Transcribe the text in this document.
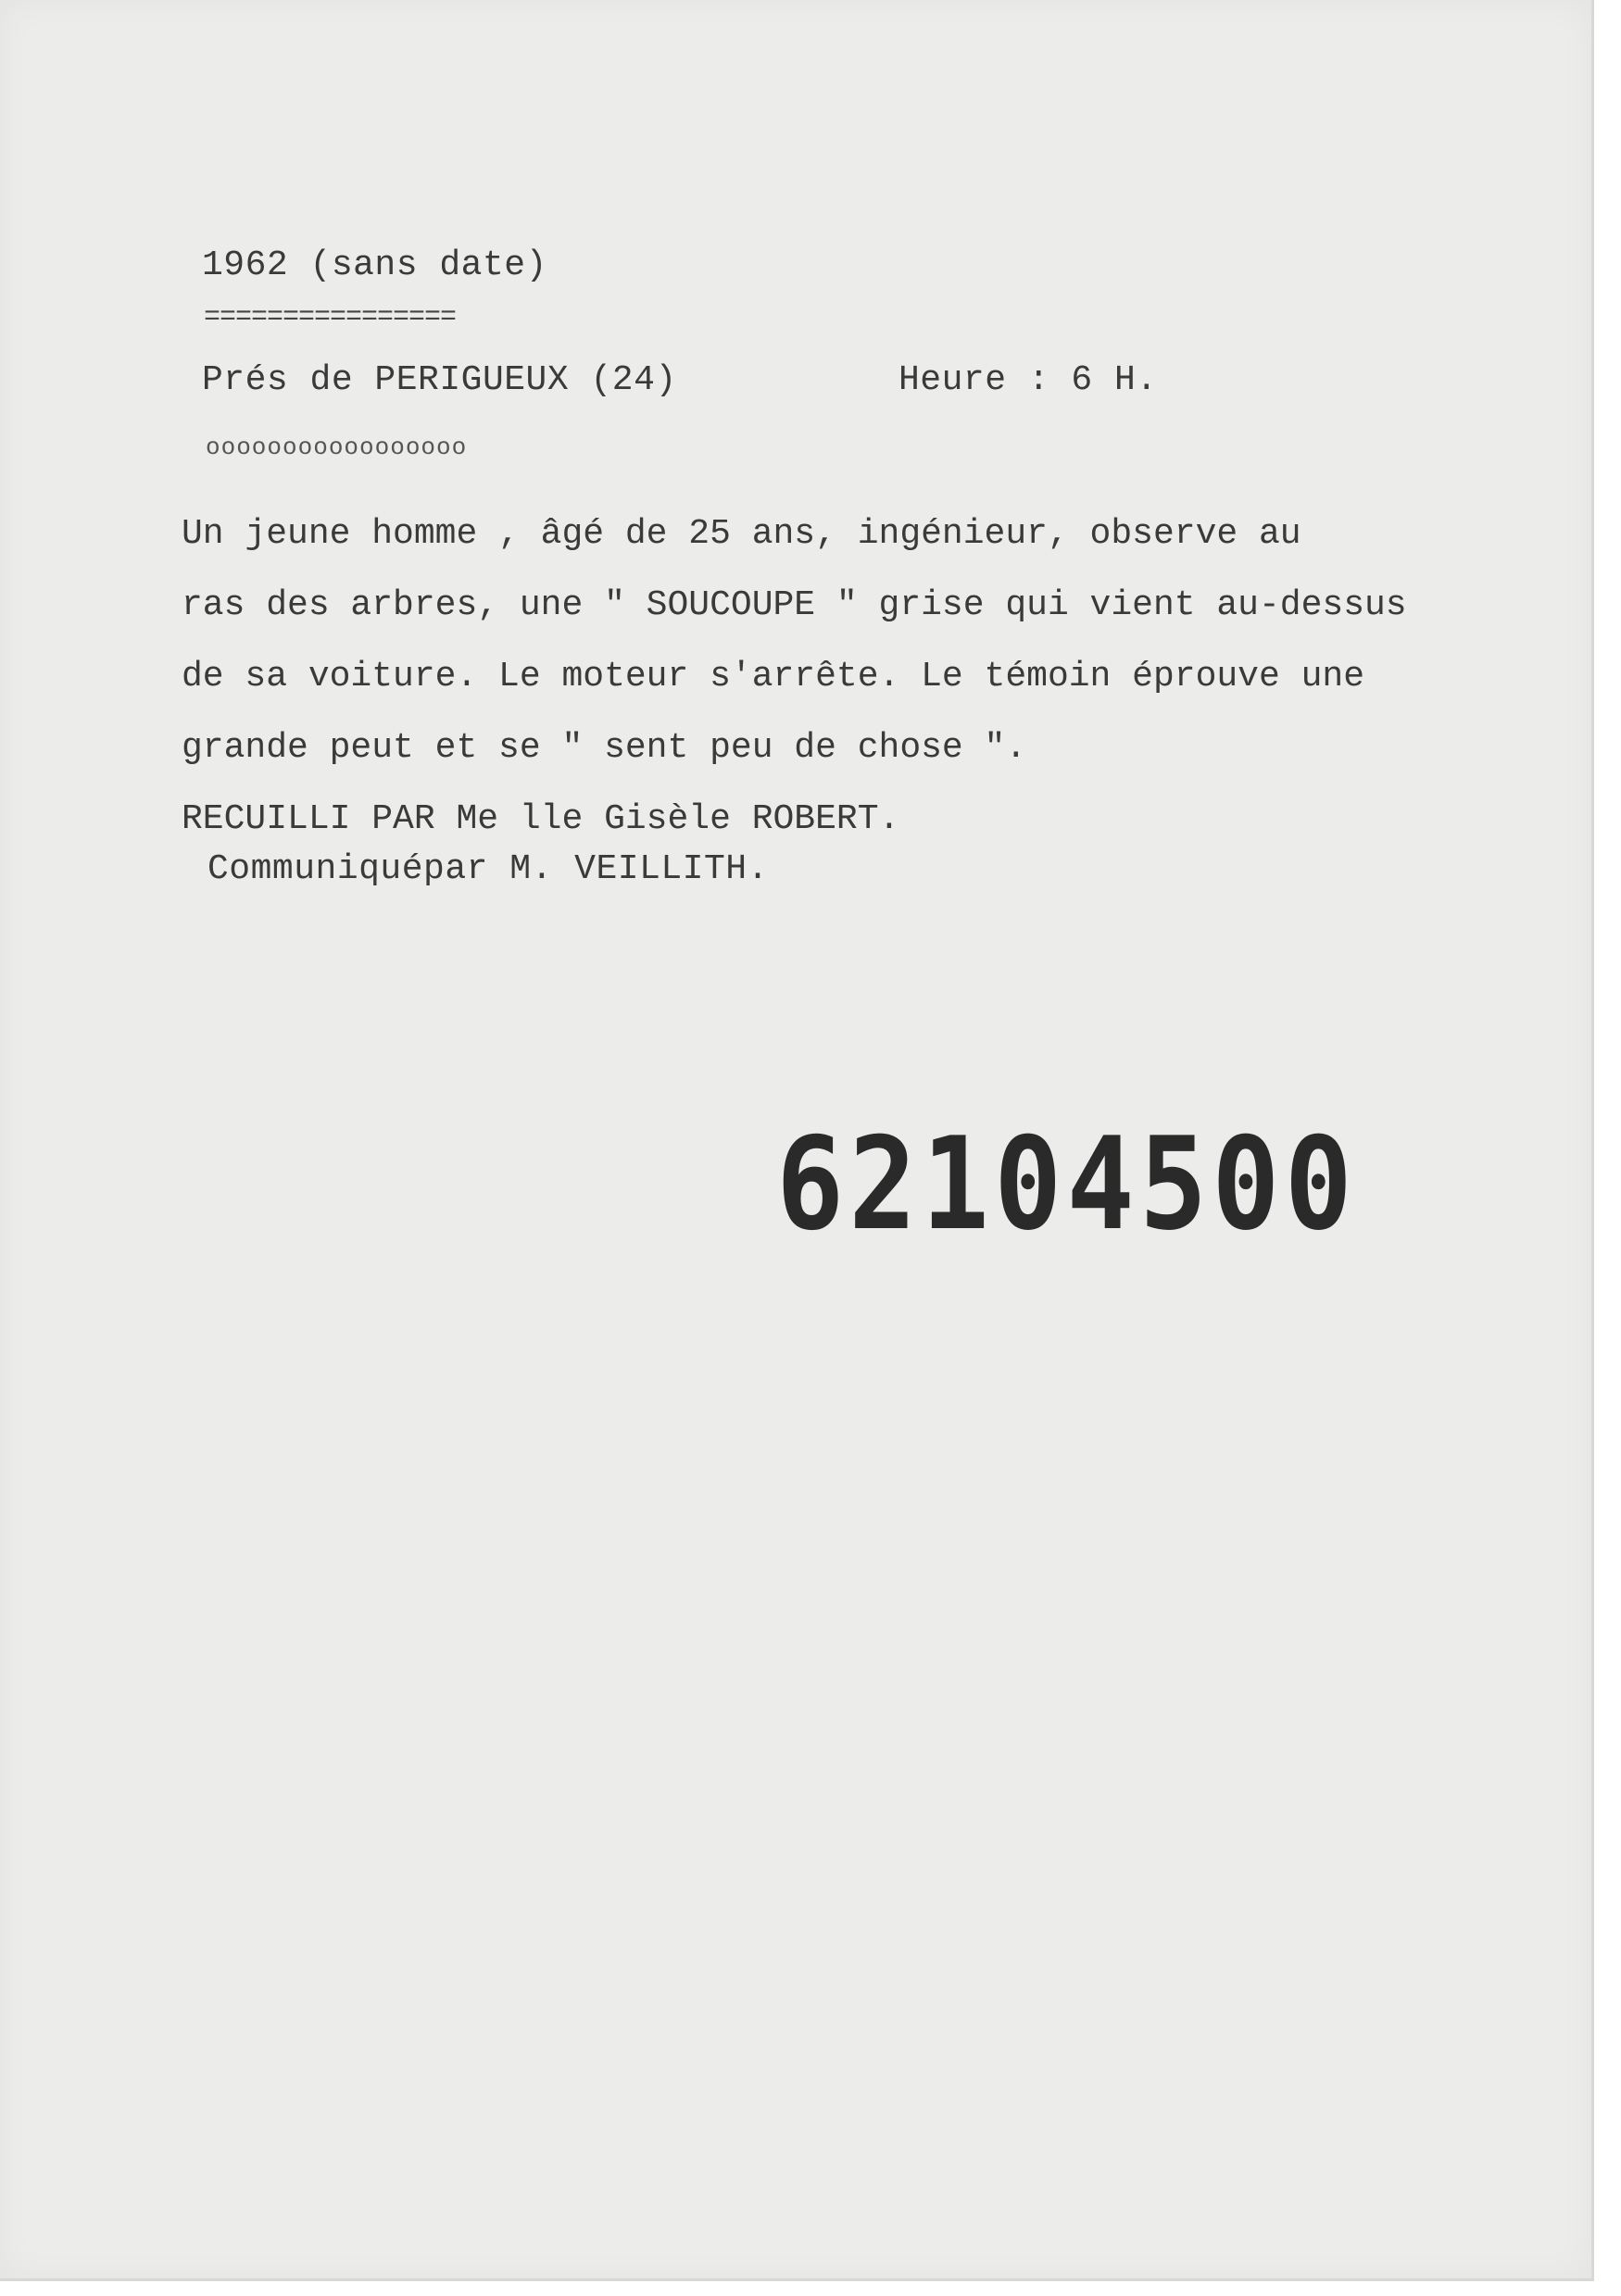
1962 (sans date)
================
Prés de PERIGUEUX (24)	Heure : 6 H.
ooooooooooooooooo
Un jeune homme , âgé de 25 ans, ingénieur, observe au
ras des arbres, une " SOUCOUPE " grise qui vient au-dessus
de sa voiture. Le moteur s'arrête. Le témoin éprouve une
grande peut et se " sent peu de chose ".
RECUILLI PAR Me lle Gisèle ROBERT.
Communiquépar M. VEILLITH.
62104500
